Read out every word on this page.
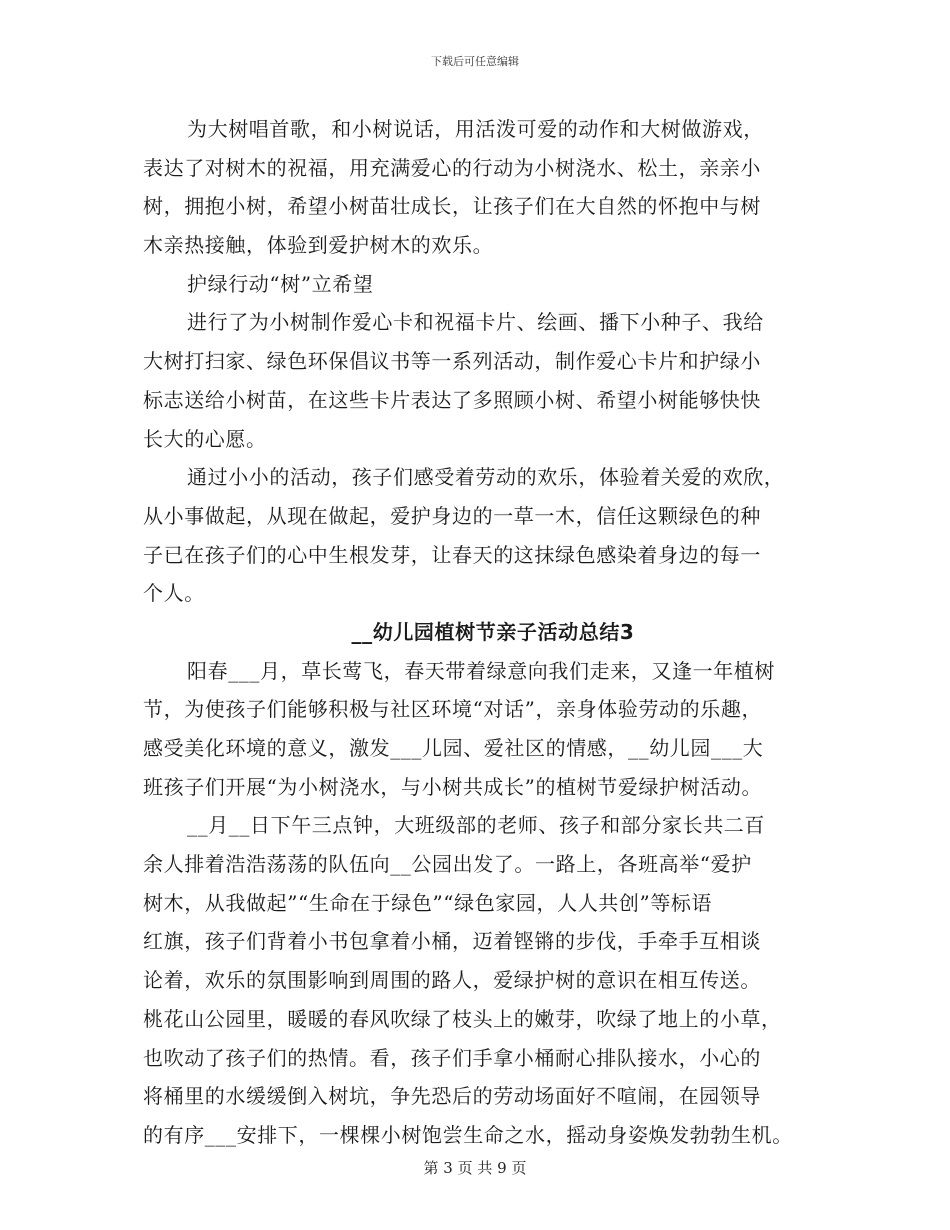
下载后可任意编辑
为大树唱首歌，和小树说话，用活泼可爱的动作和大树做游戏，
表达了对树木的祝福，用充满爱心的行动为小树浇水、松土，亲亲小
树，拥抱小树，希望小树苗壮成长，让孩子们在大自然的怀抱中与树
木亲热接触，体验到爱护树木的欢乐。
护绿行动“树”立希望
进行了为小树制作爱心卡和祝福卡片、绘画、播下小种子、我给
大树打扫家、绿色环保倡议书等一系列活动，制作爱心卡片和护绿小
标志送给小树苗，在这些卡片表达了多照顾小树、希望小树能够快快
长大的心愿。
通过小小的活动，孩子们感受着劳动的欢乐，体验着关爱的欢欣，
从小事做起，从现在做起，爱护身边的一草一木，信任这颗绿色的种
子已在孩子们的心中生根发芽，让春天的这抹绿色感染着身边的每一
个人。
__幼儿园植树节亲子活动总结3
阳春___月，草长莺飞，春天带着绿意向我们走来，又逢一年植树
节，为使孩子们能够积极与社区环境“对话”，亲身体验劳动的乐趣，
感受美化环境的意义，激发___儿园、爱社区的情感，__幼儿园___大
班孩子们开展“为小树浇水，与小树共成长”的植树节爱绿护树活动。
__月__日下午三点钟，大班级部的老师、孩子和部分家长共二百
余人排着浩浩荡荡的队伍向__公园出发了。一路上，各班高举“爱护
树木，从我做起”“生命在于绿色”“绿色家园，人人共创”等标语
红旗，孩子们背着小书包拿着小桶，迈着铿锵的步伐，手牵手互相谈
论着，欢乐的氛围影响到周围的路人，爱绿护树的意识在相互传送。
桃花山公园里，暖暖的春风吹绿了枝头上的嫩芽，吹绿了地上的小草，
也吹动了孩子们的热情。看，孩子们手拿小桶耐心排队接水，小心的
将桶里的水缓缓倒入树坑，争先恐后的劳动场面好不喧闹，在园领导
的有序___安排下，一棵棵小树饱尝生命之水，摇动身姿焕发勃勃生机。
第 3 页 共 9 页
